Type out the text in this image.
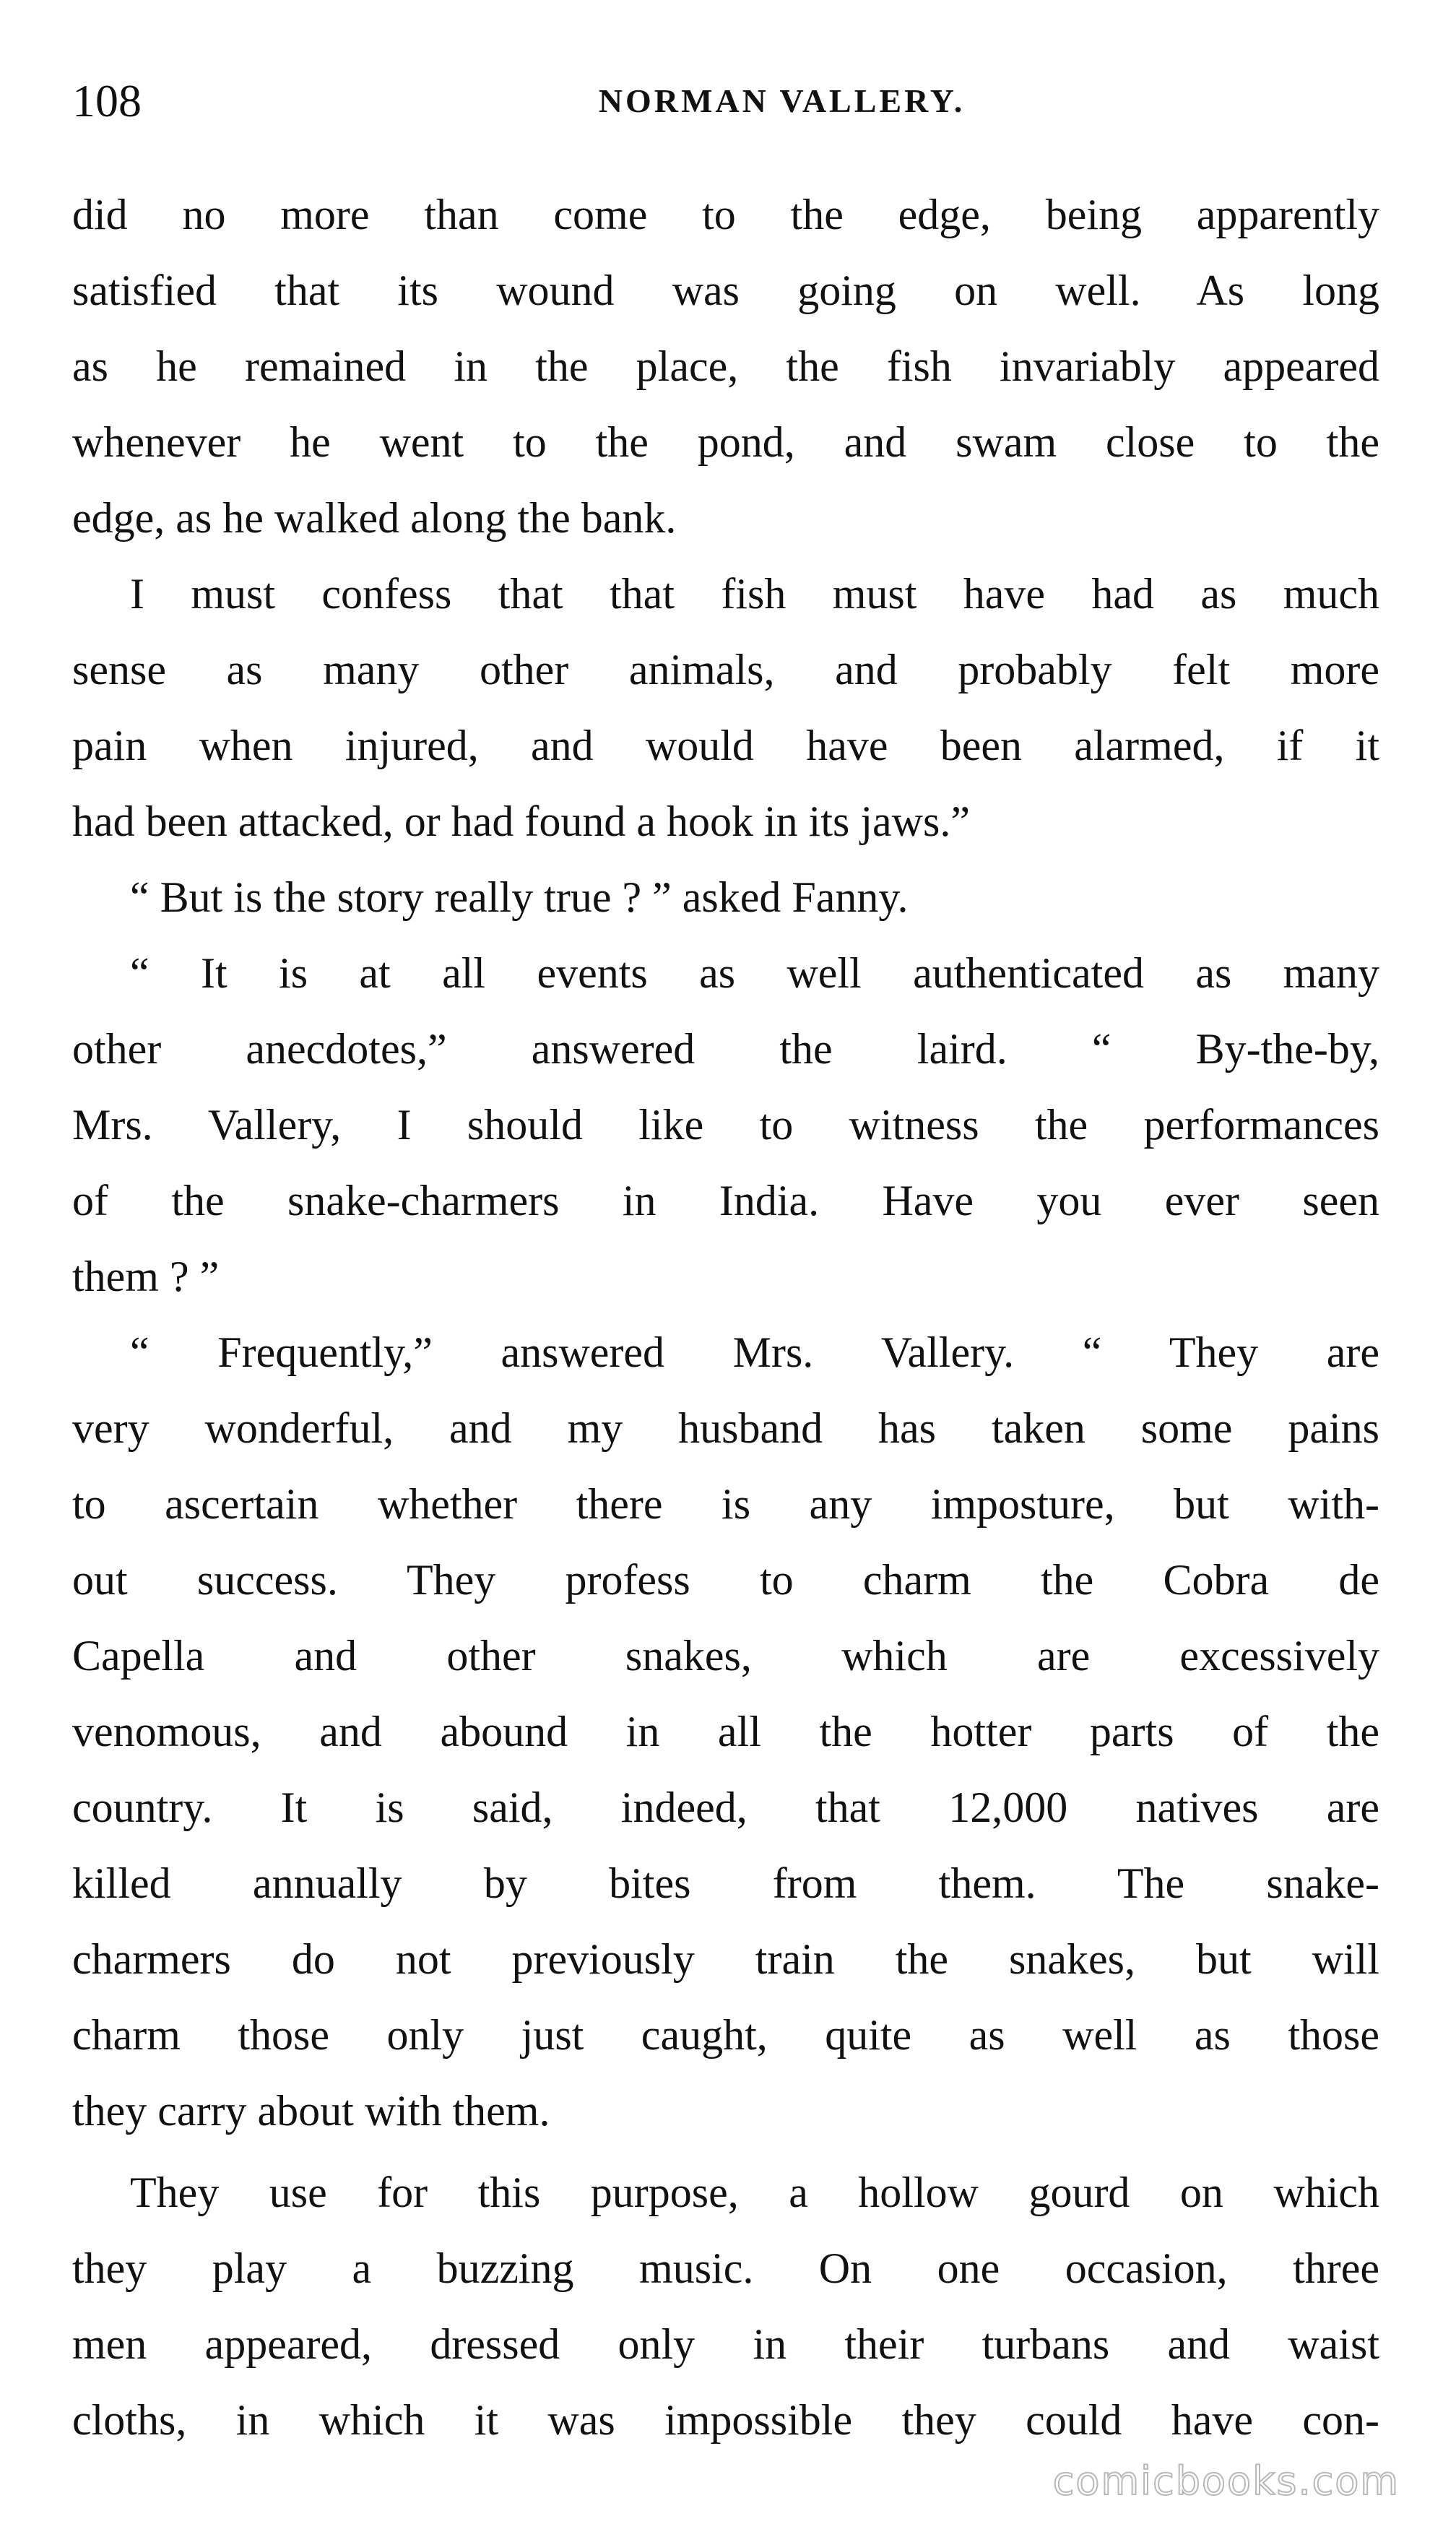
108	NORMAN VALLERY.
did no more than come to the edge, being apparently
satisfied that its wound was going on well. As long
as he remained in the place, the fish invariably appeared
whenever he went to the pond, and swam close to the
edge, as he walked along the bank.
I must confess that that fish must have had as much
sense as many other animals, and probably felt more
pain when injured, and would have been alarmed, if it
had been attacked, or had found a hook in its jaws.”
“ But is the story really true ? ” asked Fanny.
“ It is at all events as well authenticated as many
other anecdotes,” answered the laird. “ By-the-by,
Mrs. Vallery, I should like to witness the performances
of the snake-charmers in India. Have you ever seen
them ? ”
“ Frequently,” answered Mrs. Vallery. “ They are
very wonderful, and my husband has taken some pains
to ascertain whether there is any imposture, but with-
out success. They profess to charm the Cobra de
Capella and other snakes, which are excessively
venomous, and abound in all the hotter parts of the
country. It is said, indeed, that 12,000 natives are
killed annually by bites from them. The snake-
charmers do not previously train the snakes, but will
charm those only just caught, quite as well as those
they carry about with them.
They use for this purpose, a hollow gourd on which
they play a buzzing music. On one occasion, three
men appeared, dressed only in their turbans and waist
cloths, in which it was impossible they could have con-
comicbooks.com
